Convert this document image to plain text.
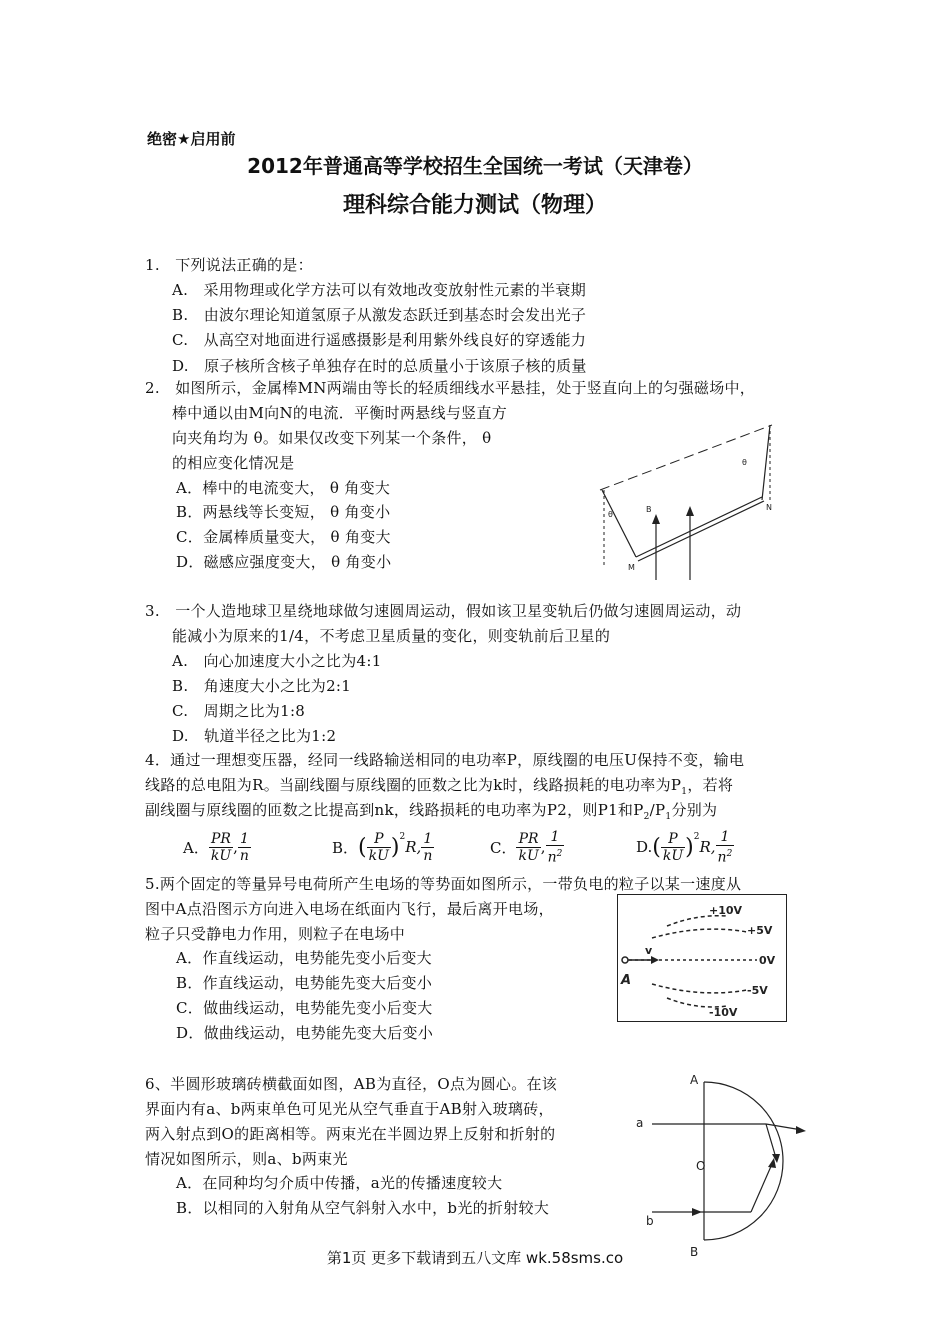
绝密★启用前
2012年普通高等学校招生全国统一考试（天津卷）
理科综合能力测试（物理）
1.　下列说法正确的是：
A.　采用物理或化学方法可以有效地改变放射性元素的半衰期
B.　由波尔理论知道氢原子从激发态跃迁到基态时会发出光子
C.　从高空对地面进行遥感摄影是利用紫外线良好的穿透能力
D.　原子核所含核子单独存在时的总质量小于该原子核的质量
2.　如图所示，金属棒MN两端由等长的轻质细线水平悬挂，处于竖直向上的匀强磁场中，
棒中通以由M向N的电流．平衡时两悬线与竖直方
向夹角均为 θ。如果仅改变下列某一个条件， θ
的相应变化情况是
A．棒中的电流变大， θ 角变大
B．两悬线等长变短， θ 角变小
C．金属棒质量变大， θ 角变大
D．磁感应强度变大， θ 角变小
θ
θ
B
M
N
3.　一个人造地球卫星绕地球做匀速圆周运动，假如该卫星变轨后仍做匀速圆周运动，动
能减小为原来的1/4，不考虑卫星质量的变化，则变轨前后卫星的
A.　向心加速度大小之比为4:1
B.　角速度大小之比为2:1
C.　周期之比为1:8
D.　轨道半径之比为1:2
4．通过一理想变压器，经同一线路输送相同的电功率P，原线圈的电压U保持不变，输电
线路的总电阻为R。当副线圈与原线圈的匝数之比为k时，线路损耗的电功率为$P_1$，若将
副线圈与原线圈的匝数之比提高到nk，线路损耗的电功率为P2，则P1和$P_2/P_1$分别为
A． $\frac{PR}{kU}$ , $\frac{1}{n}$	B． ( $\frac{P}{kU} )^2$
R, $\frac{1}{n}$	C． $\frac{PR}{kU}$ , $\frac{1}{n^2}$	D. ( $\frac{P}{kU} )^2$
R, $\frac{1}{n^2}$
5.两个固定的等量异号电荷所产生电场的等势面如图所示，一带负电的粒子以某一速度从
图中A点沿图示方向进入电场在纸面内飞行，最后离开电场，
粒子只受静电力作用，则粒子在电场中
A．作直线运动，电势能先变小后变大
B．作直线运动，电势能先变大后变小
C．做曲线运动，电势能先变小后变大
D．做曲线运动，电势能先变大后变小
v
A
+10V
+5V
0V
-5V
-10V
6、半圆形玻璃砖横截面如图，AB为直径，O点为圆心。在该
界面内有a、b两束单色可见光从空气垂直于AB射入玻璃砖，
两入射点到O的距离相等。两束光在半圆边界上反射和折射的
情况如图所示，则a、b两束光
A．在同种均匀介质中传播，a光的传播速度较大
B．以相同的入射角从空气斜射入水中，b光的折射较大
A
B
O
a
b
第1页 更多下载请到五八文库 wk.58sms.co
